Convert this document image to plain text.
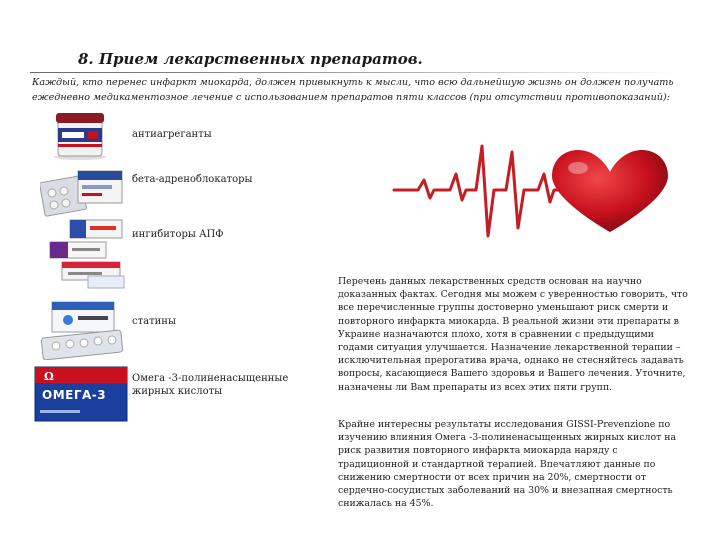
8. Прием лекарственных препаратов.

Каждый, кто перенес инфаркт миокарда, должен привыкнуть к мысли, что всю дальнейшую жизнь он должен получать ежедневно медикаментозное лечение с использованием препаратов пяти классов (при отсутствии противопоказаний):

антиагреганты

бета-адреноблокаторы

ингибиторы АПФ

статины

Ω
ОМЕГА-3

Омега -3-полиненасыщенные жирных кислоты

Перечень данных лекарственных средств основан на научно доказанных фактах. Сегодня мы можем с уверенностью говорить, что все перечисленные группы достоверно уменьшают риск смерти и повторного инфаркта миокарда. В реальной жизни эти препараты в Украине назначаются плохо, хотя в сравнении с предыдущими годами ситуация улучшается. Назначение лекарственной терапии – исключительная прерогатива врача, однако не стесняйтесь задавать вопросы, касающиеся Вашего здоровья и Вашего лечения. Уточните, назначены ли Вам препараты из всех этих пяти групп.

Крайне интересны результаты исследования GISSI-Prevenzione по изучению влияния Омега -3-полиненасыщенных жирных кислот на риск развития повторного инфаркта миокарда наряду с традиционной и стандартной терапией. Впечатляют данные по снижению смертности от всех причин на 20%, смертности от сердечно-сосудистых заболеваний на 30% и внезапная смертность снижалась на 45%.
